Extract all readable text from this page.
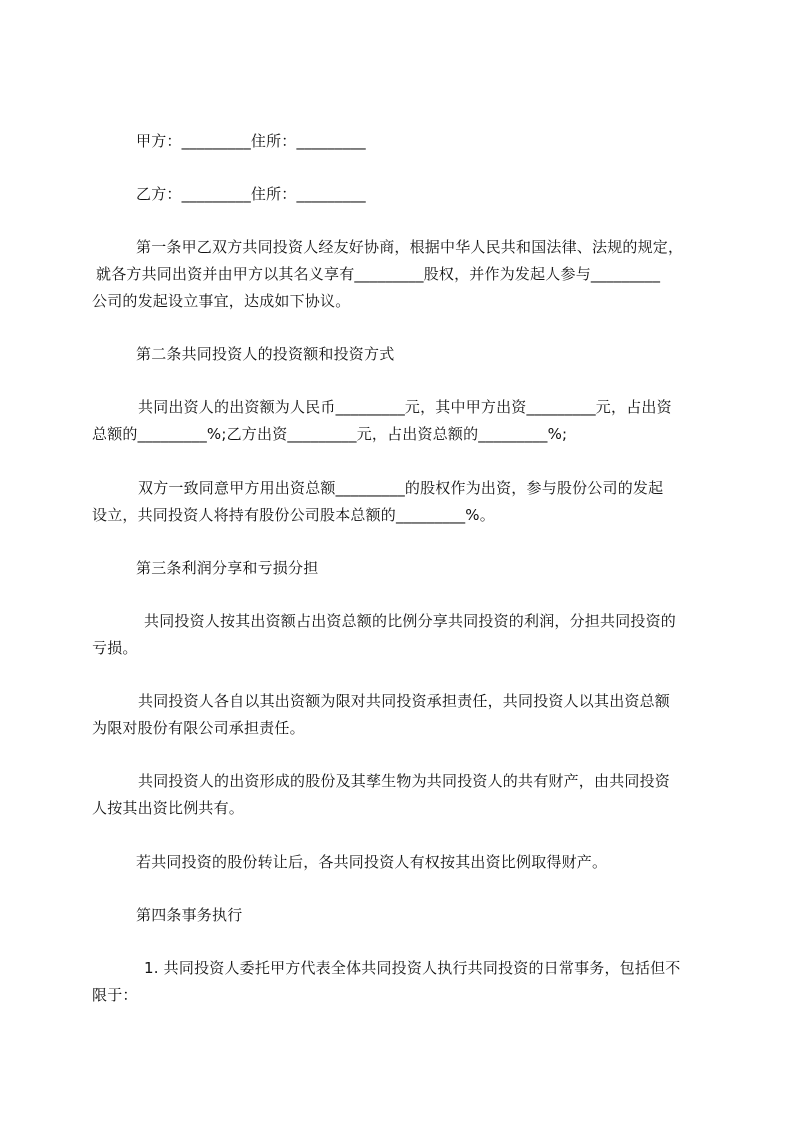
甲方：_________住所：_________
乙方：_________住所：_________
第一条甲乙双方共同投资人经友好协商，根据中华人民共和国法律、法规的规定，
就各方共同出资并由甲方以其名义享有_________股权，并作为发起人参与_________
公司的发起设立事宜，达成如下协议。
第二条共同投资人的投资额和投资方式
共同出资人的出资额为人民币_________元，其中甲方出资_________元，占出资
总额的_________%;乙方出资_________元，占出资总额的_________%;
双方一致同意甲方用出资总额_________的股权作为出资，参与股份公司的发起
设立，共同投资人将持有股份公司股本总额的_________%。
第三条利润分享和亏损分担
共同投资人按其出资额占出资总额的比例分享共同投资的利润，分担共同投资的
亏损。
共同投资人各自以其出资额为限对共同投资承担责任，共同投资人以其出资总额
为限对股份有限公司承担责任。
共同投资人的出资形成的股份及其孳生物为共同投资人的共有财产，由共同投资
人按其出资比例共有。
若共同投资的股份转让后，各共同投资人有权按其出资比例取得财产。
第四条事务执行
1. 共同投资人委托甲方代表全体共同投资人执行共同投资的日常事务，包括但不
限于：
